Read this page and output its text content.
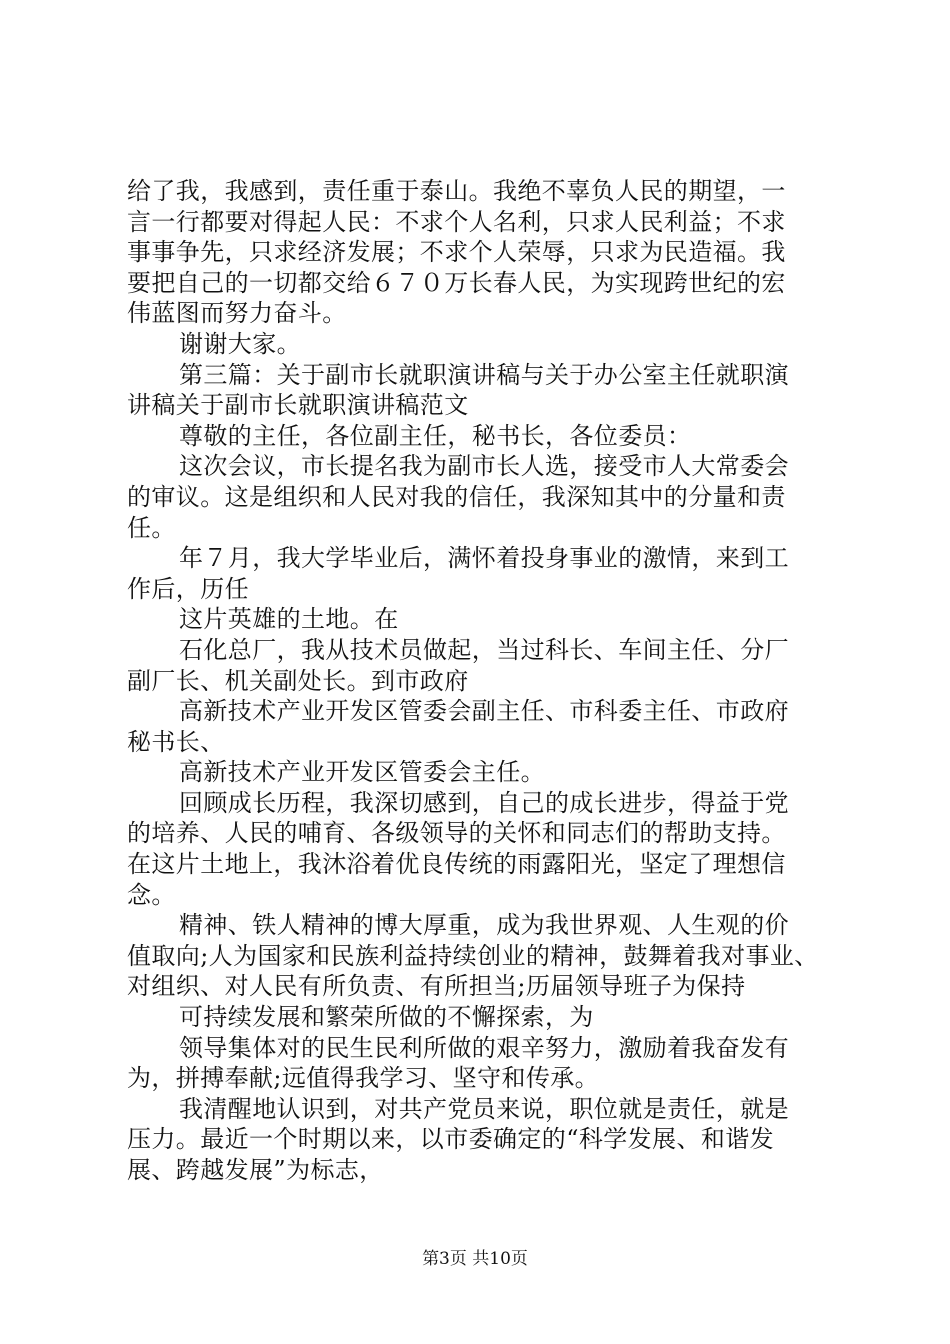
给了我，我感到，责任重于泰山。我绝不辜负人民的期望，一
言一行都要对得起人民：不求个人名利，只求人民利益；不求
事事争先，只求经济发展；不求个人荣辱，只求为民造福。我
要把自己的一切都交给６７０万长春人民，为实现跨世纪的宏
伟蓝图而努力奋斗。
谢谢大家。
第三篇：关于副市长就职演讲稿与关于办公室主任就职演
讲稿关于副市长就职演讲稿范文
尊敬的主任，各位副主任，秘书长，各位委员：
这次会议，市长提名我为副市长人选，接受市人大常委会
的审议。这是组织和人民对我的信任，我深知其中的分量和责
任。
年７月，我大学毕业后，满怀着投身事业的激情，来到工
作后，历任
这片英雄的土地。在
石化总厂，我从技术员做起，当过科长、车间主任、分厂
副厂长、机关副处长。到市政府
高新技术产业开发区管委会副主任、市科委主任、市政府
秘书长、
高新技术产业开发区管委会主任。
回顾成长历程，我深切感到，自己的成长进步，得益于党
的培养、人民的哺育、各级领导的关怀和同志们的帮助支持。
在这片土地上，我沐浴着优良传统的雨露阳光，坚定了理想信
念。
精神、铁人精神的博大厚重，成为我世界观、人生观的价
值取向;人为国家和民族利益持续创业的精神，鼓舞着我对事业、
对组织、对人民有所负责、有所担当;历届领导班子为保持
可持续发展和繁荣所做的不懈探索，为
领导集体对的民生民利所做的艰辛努力，激励着我奋发有
为，拼搏奉献;远值得我学习、坚守和传承。
我清醒地认识到，对共产党员来说，职位就是责任，就是
压力。最近一个时期以来，以市委确定的“科学发展、和谐发
展、跨越发展”为标志，
第3页 共10页
